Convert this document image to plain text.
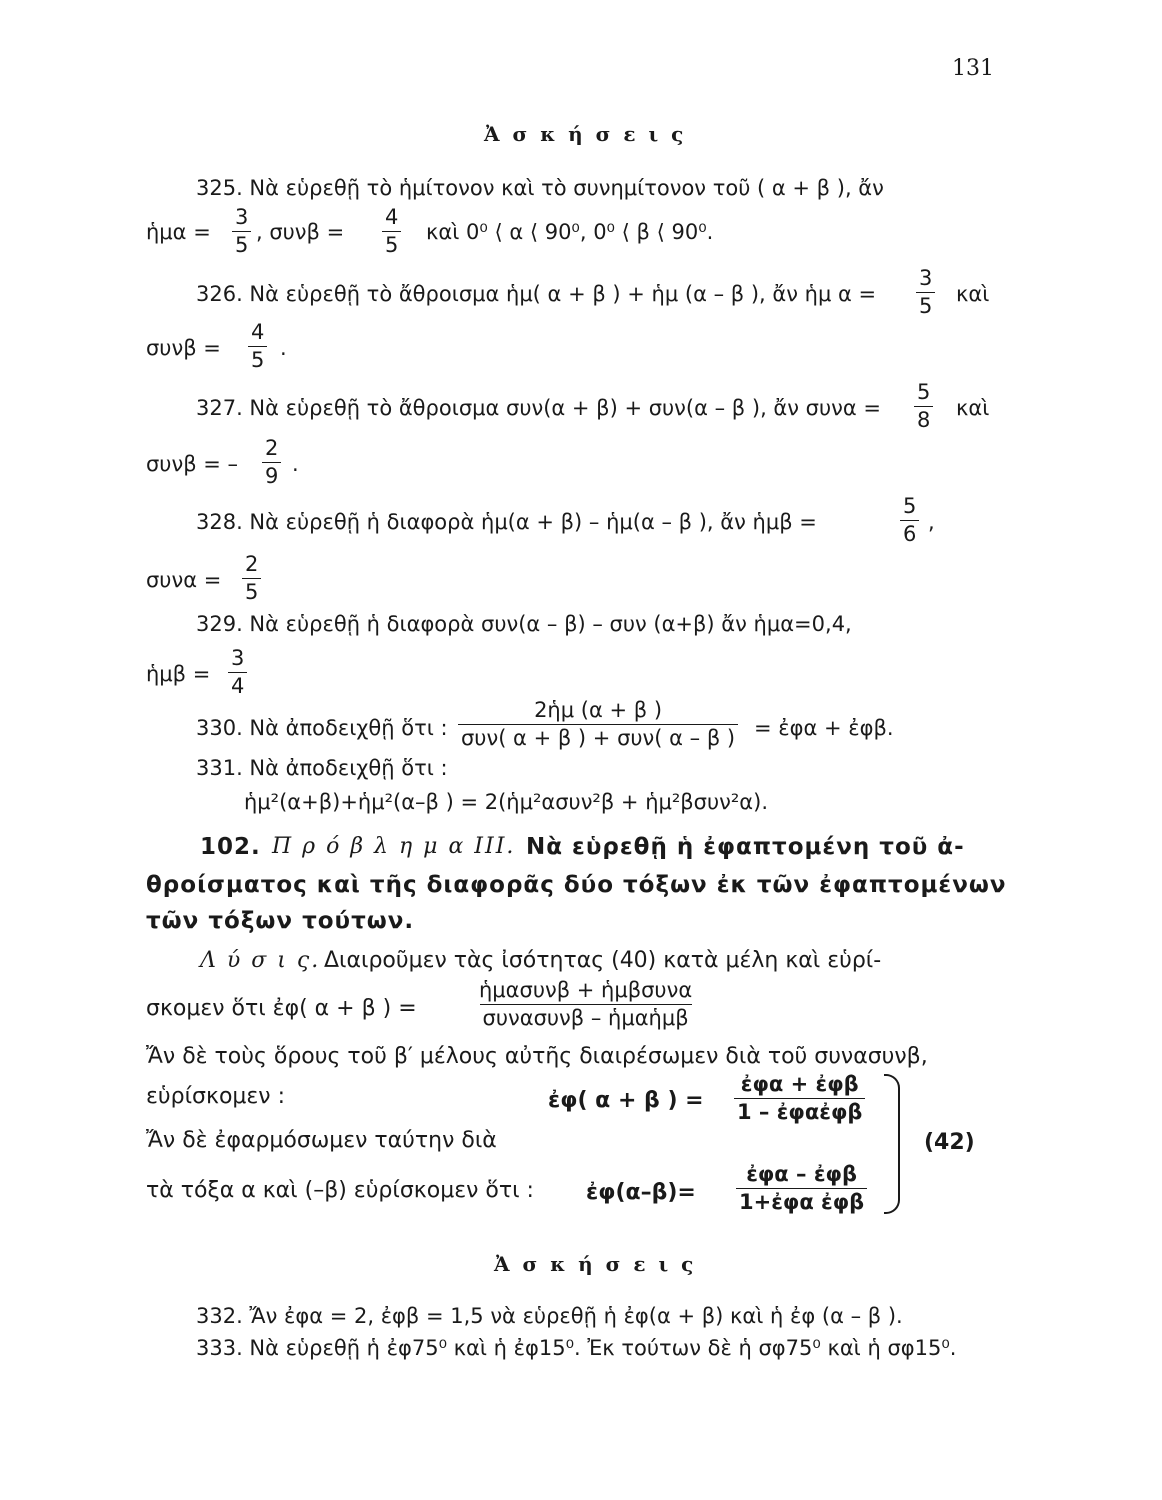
131
Ἀ σ κ ή σ ε ι ς
325. Νὰ εὑρεθῇ τὸ ἡμίτονον καὶ τὸ συνημίτονον τοῦ ( α + β ), ἄν
ἡμα = $\frac{3}{5}$ , $\sigma\upsilon\nu\beta = \frac{4}{5}$ καὶ 0⁰ ⟨ α ⟨ 90⁰, 0⁰ ⟨ β ⟨ 90⁰.
326. Νὰ εὑρεθῇ τὸ ἄθροισμα ἡμ( α + β ) + ἡμ (α – β ), ἄν ἡμ $\alpha = \frac{3}{5}$ καὶ
$\sigma\upsilon\nu\beta = \frac{4}{5}$ .
327. Νὰ εὑρεθῇ τὸ ἄθροισμα συν(α + β) + συν(α – β ), ἄν $\sigma\upsilon\nu\alpha = \frac{5}{8}$ καὶ
συνβ = – $\frac{2}{9}$ .
328. Νὰ εὑρεθῇ ἡ διαφορὰ ἡμ(α + β) – ἡμ(α – β ), ἄν ἡμβ =	$\frac{5}{6}$ ,
$\sigma\upsilon\nu\alpha = \frac{2}{5}$
329. Νὰ εὑρεθῇ ἡ διαφορὰ συν(α – β) – συν (α+β) ἄν ἡμα=0,4,
ἡμβ = $\frac{3}{4}$
330. Νὰ ἀποδειχθῇ ὅτι :
2ἡμ (α + β )
συν( α + β ) + συν( α – β ) = ἐφα + ἐφβ.
331. Νὰ ἀποδειχθῇ ὅτι :
ἡμ²(α+β)+ἡμ²(α–β ) = 2(ἡμ²ασυν²β + ἡμ²βσυν²α).
102. Π ρ ό β λ η μ α III. Νὰ εὑρεθῇ ἡ ἐφαπτομένη τοῦ ἀ-
θροίσματος καὶ τῆς διαφορᾶς δύο τόξων ἐκ τῶν ἐφαπτομένων
τῶν τόξων τούτων.
Λ ύ σ ι ς. Διαιροῦμεν τὰς ἰσότητας (40) κατὰ μέλη καὶ εὑρί-
σκομεν ὅτι ἐφ( α + β ) =
ἡμασυνβ + ἡμβσυνα
συνασυνβ – ἡμαἡμβ
Ἄν δὲ τοὺς ὅρους τοῦ β′ μέλους αὐτῆς διαιρέσωμεν διὰ τοῦ συνασυνβ,
εὑρίσκομεν :	ἐφ( α + β ) =
ἐφα + ἐφβ
1 – ἐφαἐφβ
Ἄν δὲ ἐφαρμόσωμεν ταύτην διὰ	(42)
τὰ τόξα α καὶ (–β) εὑρίσκομεν ὅτι : ἐφ(α–β)=
ἐφα – ἐφβ
1+ἐφα ἐφβ
Ἀ σ κ ή σ ε ι ς
332. Ἄν ἐφα = 2, ἐφβ = 1,5 νὰ εὑρεθῇ ἡ ἐφ(α + β) καὶ ἡ ἐφ (α – β ).
333. Νὰ εὑρεθῇ ἡ ἐφ75⁰ καὶ ἡ ἐφ15⁰. Ἐκ τούτων δὲ ἡ σφ75⁰ καὶ ἡ σφ15⁰.
